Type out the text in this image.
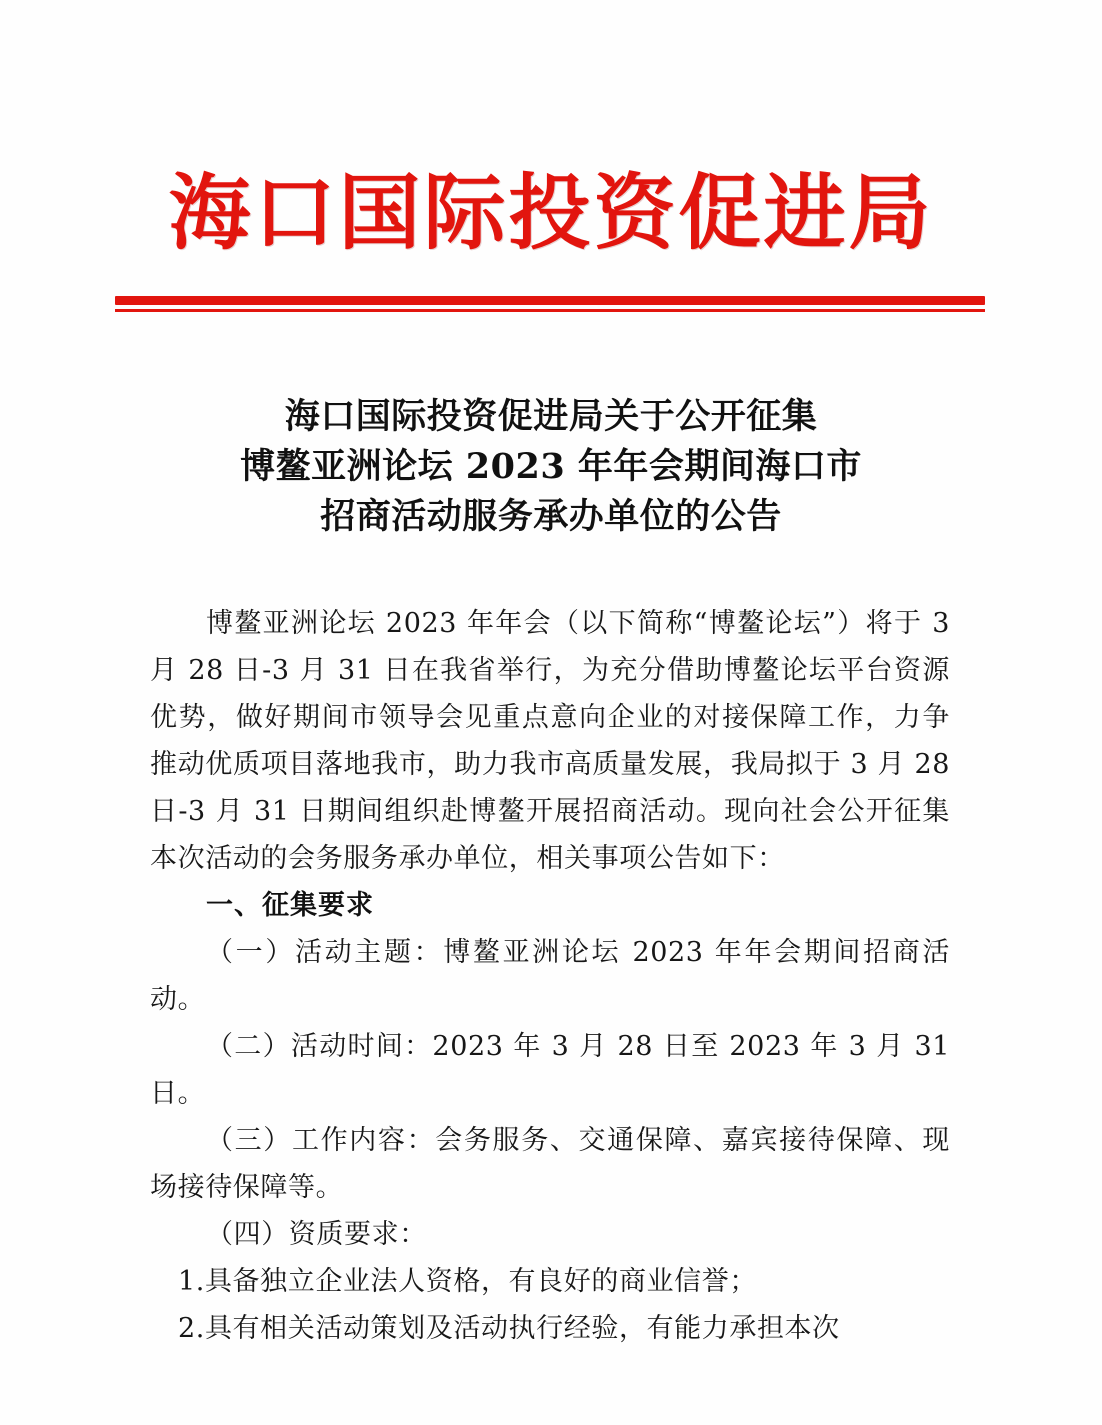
海口国际投资促进局
海口国际投资促进局关于公开征集
博鳌亚洲论坛 2023 年年会期间海口市
招商活动服务承办单位的公告

博鳌亚洲论坛 2023 年年会（以下简称“博鳌论坛”）将于 3 月 28 日-3 月 31 日在我省举行，为充分借助博鳌论坛平台资源优势，做好期间市领导会见重点意向企业的对接保障工作，力争推动优质项目落地我市，助力我市高质量发展，我局拟于 3 月 28 日-3 月 31 日期间组织赴博鳌开展招商活动。现向社会公开征集本次活动的会务服务承办单位，相关事项公告如下：

一、征集要求

（一）活动主题：博鳌亚洲论坛 2023 年年会期间招商活动。

（二）活动时间：2023 年 3 月 28 日至 2023 年 3 月 31 日。

（三）工作内容：会务服务、交通保障、嘉宾接待保障、现场接待保障等。

（四）资质要求：

1.具备独立企业法人资格，有良好的商业信誉；

2.具有相关活动策划及活动执行经验，有能力承担本次
